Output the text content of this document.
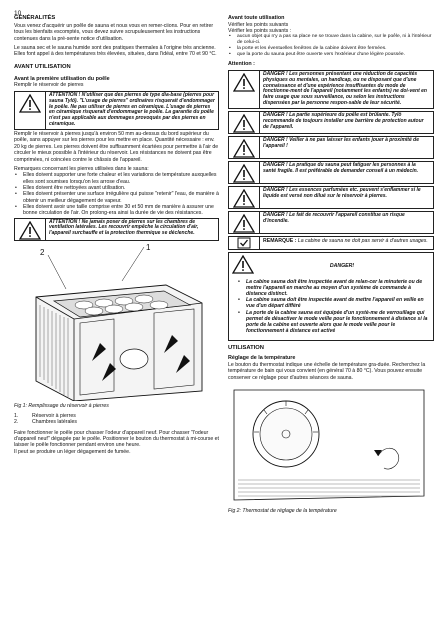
10
GÉNÉRALITÉS

Vous venez d'acquérir un poêle de sauna et nous vous en remer-ciions. Pour en retirer tous les bienfaits escomptés, vous devez suivre scrupuleusement les instructions contenues dans la pré-sente notice d'utilisation.

Le sauna sec et le sauna humide sont des pratiques thermales à l'origine très ancienne. Elles font appel à des températures très élevées, situées, dans l'idéal, entre 70 et 90 °C.

AVANT UTILISATION
Avant la première utilisation du poêle

Remplir le réservoir de pierres

ATTENTION ! N'utiliser que des pierres de type dia-base (pierres pour sauna Tylö). "L'usage de pierres" ordinaires risquerait d'endommager le poêle. Ne pas utiliser de pierres en céramique. L'usage de pierres en céramique risquerait d'endommager le poêle. La garantie du poêle n'est pas applicable aux dommages provoqués par des pierres en céramique.

Remplir le réservoir à pierres jusqu'à environ 50 mm au-dessus du bord supérieur du poêle, sans appuyer sur les pierres pour les mettre en place. Quantité nécessaire : env. 20 kg de pierres. Les pierres doivent être suffisamment écartées pour permettre à l'air de circuler le mieux possible à l'intérieur du réservoir. Les résistances ne doivent pas être comprimées, ni coincées contre le châssis de l'appareil.

Remarques concernant les pierres utilisées dans le sauna:

• Elles doivent supporter une forte chaleur et les variations de température auxquelles elles sont soumises lorsqu'on les arrose d'eau.
• Elles doivent être nettoyées avant utilisation.
• Elles doivent présenter une surface irrégulière qui puisse "retenir" l'eau, de manière à obtenir un meilleur dégagement de vapeur.
• Elles doivent avoir une taille comprise entre 30 et 50 mm de manière à assurer une bonne circulation de l'air. On prolong-era ainsi la durée de vie des résistances.
ATTENTION ! Ne jamais poser de pierres sur les chambres de ventilation latérales. Les recouvrir empêche la circulation d'air, l'appareil surchauffe et la protection thermique se déclenche.
1
2
Fig 1: Remplissage du réservoir à pierres
1.	Réservoir à pierres
2.	Chambres latérales

Faire fonctionner le poêle pour chasser l'odeur d'appareil neuf. Pour chasser "l'odeur d'appareil neuf" dégagée par le poêle. Positionner le bouton du thermostat à mi-course et laisser le poêle fonctionner pendant environ une heure.

Il peut se produire un léger dégagement de fumée.

Avant toute utilisation

Vérifier les points suivants

Vérifier les points suivants :

• aucun objet qui n'y a pas sa place ne se trouve dans la cabine, sur le poêle, ni à l'intérieur de celui-ci.
• la porte et les éventuelles fenêtres de la cabine doivent être fermées.
• que la porte du sauna peut être ouverte vers l'extérieur d'une légère poussée.
Attention :
DANGER ! Les personnes présentant une réduction de capacités physiques ou mentales, un handicap, ou ne disposant que d'une connaissance et d'une expérience insuffisantes du mode de fonctionne-ment de l'appareil (notamment les enfants) ne doi-vent en faire usage que sous surveillance, ou selon les instructions dispensées par la personne respon-sable de leur sécurité.
DANGER ! La partie supérieure du poêle est brûlante. Tylö recommande de toujours installer une barrière de protection autour de l'appareil.
DANGER ! Veiller à ne pas laisser les enfants jouer à proximité de l'appareil !
DANGER ! La pratique du sauna peut fatiguer les personnes à la santé fragile. Il est préférable de demander conseil à un médecin.
DANGER ! Les essences parfumées etc. peuvent s'enflammer si le liquide est versé non dilué sur le réservoir à pierres.
DANGER ! Le fait de recouvrir l'appareil constitue un risque d'incendie.
REMARQUE : La cabine de sauna ne doit pas servir à d'autres usages.
DANGER!
• La cabine sauna doit être inspectée avant de relan-cer la minuterie ou de mettre l'appareil en marche au moyen d'un système de commande à distance distinct.
• La cabine sauna doit être inspectée avant de mettre l'appareil en veille en vue d'un départ différé
• La porte de la cabine sauna est équipée d'un systè-me de verrouillage qui permet de désactiver le mode veille pour le fonctionnement à distance si la porte de la cabine est ouverte alors que le mode veille pour le fonctionnement à distance est activé
UTILISATION
Réglage de la température

Le bouton du thermostat indique une échelle de température gra-duée. Recherchez la température de bain qui vous convient (en général 70 à 80 °C). Vous pouvez ensuite conserver ce réglage pour d'autres séances de sauna.

Fig 2: Thermostat de réglage de la température
